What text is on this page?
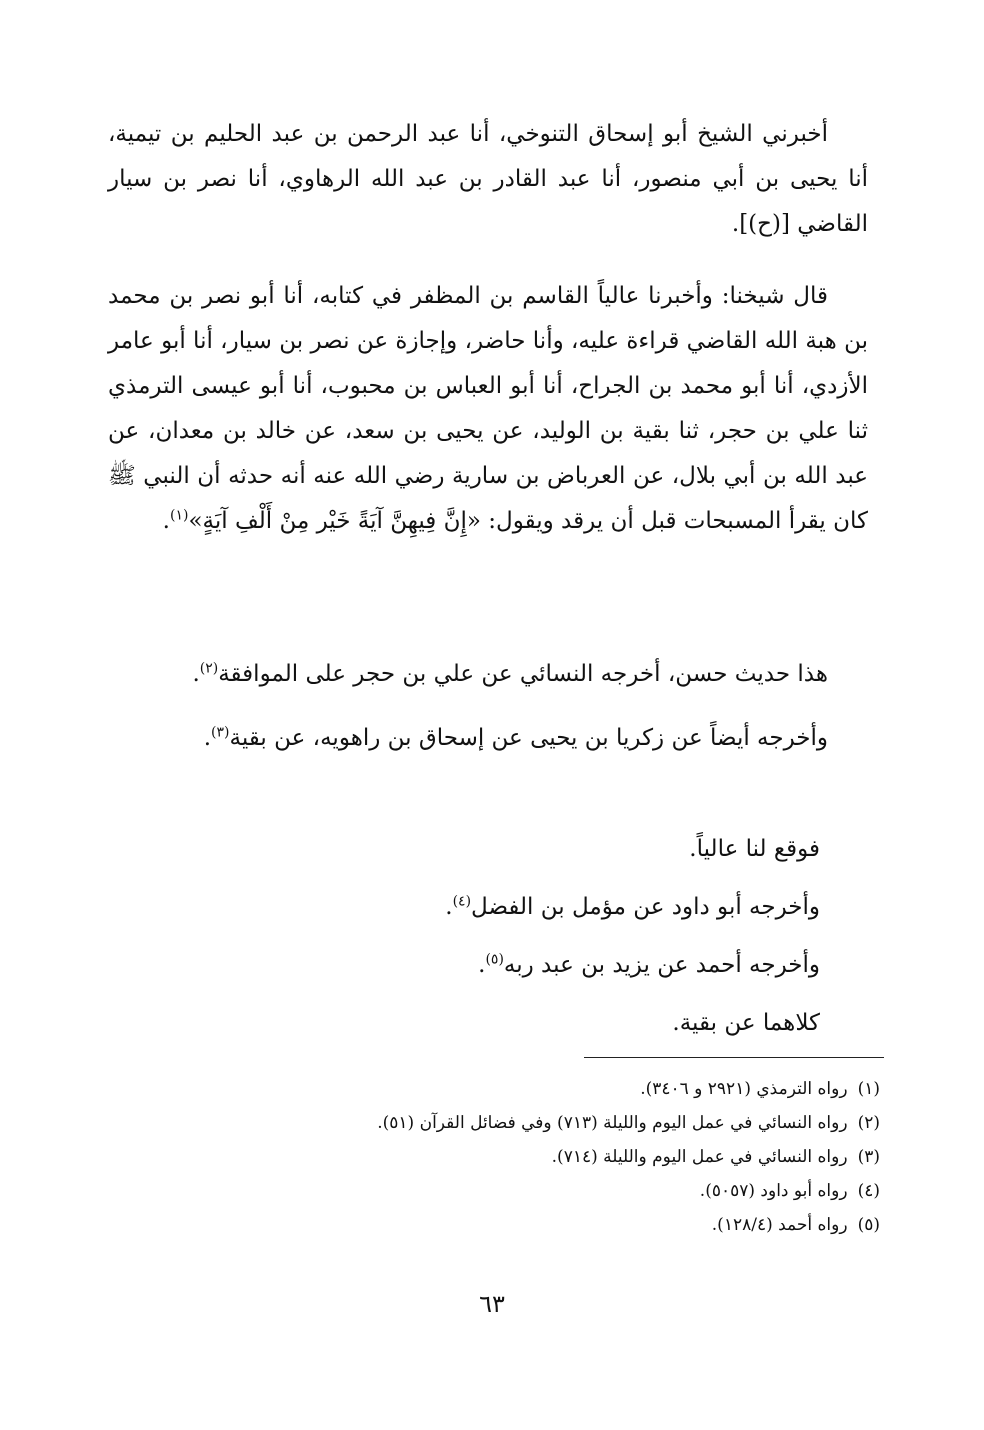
أخبرني الشيخ أبو إسحاق التنوخي، أنا عبد الرحمن بن عبد الحليم بن تيمية، أنا يحيى بن أبي منصور، أنا عبد القادر بن عبد الله الرهاوي، أنا نصر بن سيار القاضي [(ح)].

قال شيخنا: وأخبرنا عالياً القاسم بن المظفر في كتابه، أنا أبو نصر بن محمد بن هبة الله القاضي قراءة عليه، وأنا حاضر، وإجازة عن نصر بن سيار، أنا أبو عامر الأزدي، أنا أبو محمد بن الجراح، أنا أبو العباس بن محبوب، أنا أبو عيسى الترمذي ثنا علي بن حجر، ثنا بقية بن الوليد، عن يحيى بن سعد، عن خالد بن معدان، عن عبد الله بن أبي بلال، عن العرباض بن سارية رضي الله عنه أنه حدثه أن النبي ﷺ كان يقرأ المسبحات قبل أن يرقد ويقول: «إِنَّ فِيهِنَّ آيَةً خَيْر مِنْ أَلْفِ آيَةٍ»$^{(١)}$.

هذا حديث حسن، أخرجه النسائي عن علي بن حجر على الموافقة$^{(٢)}$.

وأخرجه أيضاً عن زكريا بن يحيى عن إسحاق بن راهويه، عن بقية$^{(٣)}$.

فوقع لنا عالياً.
وأخرجه أبو داود عن مؤمل بن الفضل$^{(٤)}$.
وأخرجه أحمد عن يزيد بن عبد ربه$^{(٥)}$.
كلاهما عن بقية.
(١)رواه الترمذي (٢٩٢١ و ٣٤٠٦).
(٢)رواه النسائي في عمل اليوم والليلة (٧١٣) وفي فضائل القرآن (٥١).
(٣)رواه النسائي في عمل اليوم والليلة (٧١٤).
(٤)رواه أبو داود (٥٠٥٧).
(٥)رواه أحمد (١٢٨/٤).
٦٣
